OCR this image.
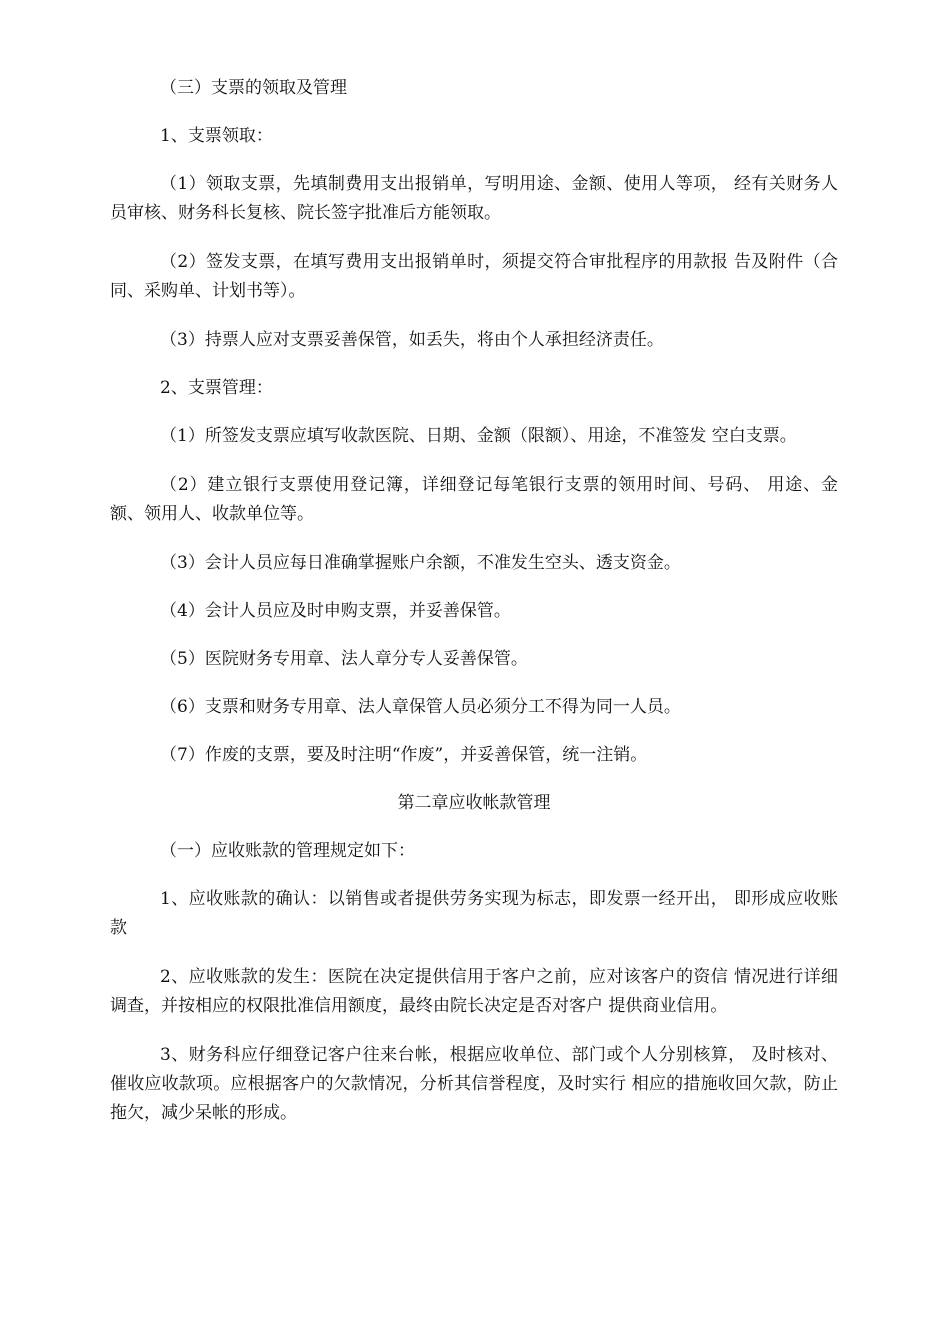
（三）支票的领取及管理

1、支票领取：

（1）领取支票，先填制费用支出报销单，写明用途、金额、使用人等项， 经有关财务人员审核、财务科长复核、院长签字批准后方能领取。

（2）签发支票，在填写费用支出报销单时，须提交符合审批程序的用款报 告及附件（合同、采购单、计划书等）。

（3）持票人应对支票妥善保管，如丢失，将由个人承担经济责任。

2、支票管理：

（1）所签发支票应填写收款医院、日期、金额（限额）、用途，不准签发 空白支票。

（2）建立银行支票使用登记簿，详细登记每笔银行支票的领用时间、号码、 用途、金额、领用人、收款单位等。

（3）会计人员应每日准确掌握账户余额，不准发生空头、透支资金。

（4）会计人员应及时申购支票，并妥善保管。

（5）医院财务专用章、法人章分专人妥善保管。

（6）支票和财务专用章、法人章保管人员必须分工不得为同一人员。

（7）作废的支票，要及时注明“作废”，并妥善保管，统一注销。

第二章应收帐款管理

（一）应收账款的管理规定如下：

1、应收账款的确认：以销售或者提供劳务实现为标志，即发票一经开出， 即形成应收账款

2、应收账款的发生：医院在决定提供信用于客户之前，应对该客户的资信 情况进行详细调查，并按相应的权限批准信用额度，最终由院长决定是否对客户 提供商业信用。

3、财务科应仔细登记客户往来台帐，根据应收单位、部门或个人分别核算， 及时核对、催收应收款项。应根据客户的欠款情况，分析其信誉程度，及时实行 相应的措施收回欠款，防止拖欠，减少呆帐的形成。
